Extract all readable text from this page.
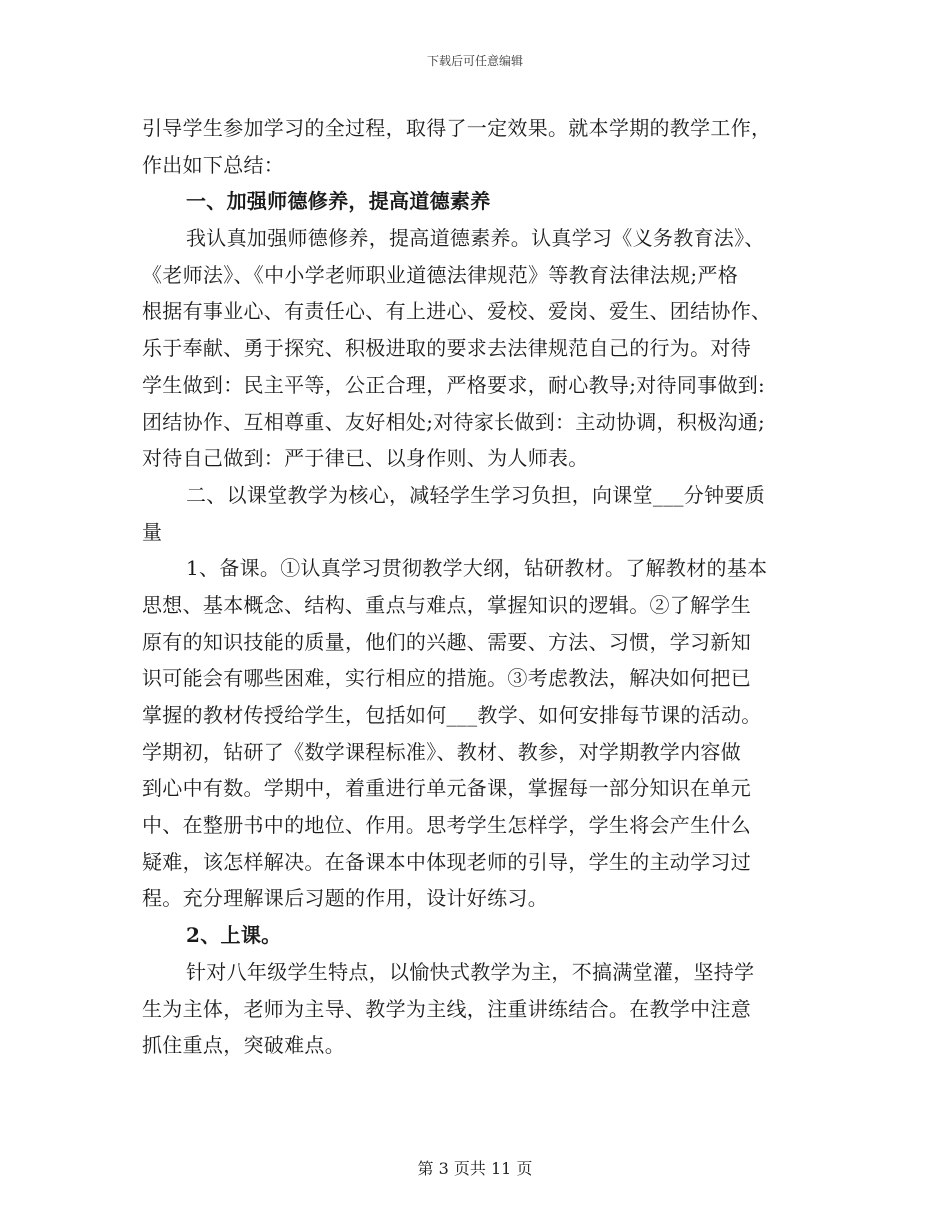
下载后可任意编辑
引导学生参加学习的全过程，取得了一定效果。就本学期的教学工作，
作出如下总结：
一、加强师德修养，提高道德素养
我认真加强师德修养，提高道德素养。认真学习《义务教育法》、
《老师法》、《中小学老师职业道德法律规范》等教育法律法规;严格
根据有事业心、有责任心、有上进心、爱校、爱岗、爱生、团结协作、
乐于奉献、勇于探究、积极进取的要求去法律规范自己的行为。对待
学生做到：民主平等，公正合理，严格要求，耐心教导;对待同事做到:
团结协作、互相尊重、友好相处;对待家长做到：主动协调，积极沟通;
对待自己做到：严于律已、以身作则、为人师表。
二、以课堂教学为核心，减轻学生学习负担，向课堂___分钟要质
量
1、备课。①认真学习贯彻教学大纲，钻研教材。了解教材的基本
思想、基本概念、结构、重点与难点，掌握知识的逻辑。②了解学生
原有的知识技能的质量，他们的兴趣、需要、方法、习惯，学习新知
识可能会有哪些困难，实行相应的措施。③考虑教法，解决如何把已
掌握的教材传授给学生，包括如何___教学、如何安排每节课的活动。
学期初，钻研了《数学课程标准》、教材、教参，对学期教学内容做
到心中有数。学期中，着重进行单元备课，掌握每一部分知识在单元
中、在整册书中的地位、作用。思考学生怎样学，学生将会产生什么
疑难，该怎样解决。在备课本中体现老师的引导，学生的主动学习过
程。充分理解课后习题的作用，设计好练习。
2、上课。
针对八年级学生特点，以愉快式教学为主，不搞满堂灌，坚持学
生为主体，老师为主导、教学为主线，注重讲练结合。在教学中注意
抓住重点，突破难点。
第 3 页共 11 页
